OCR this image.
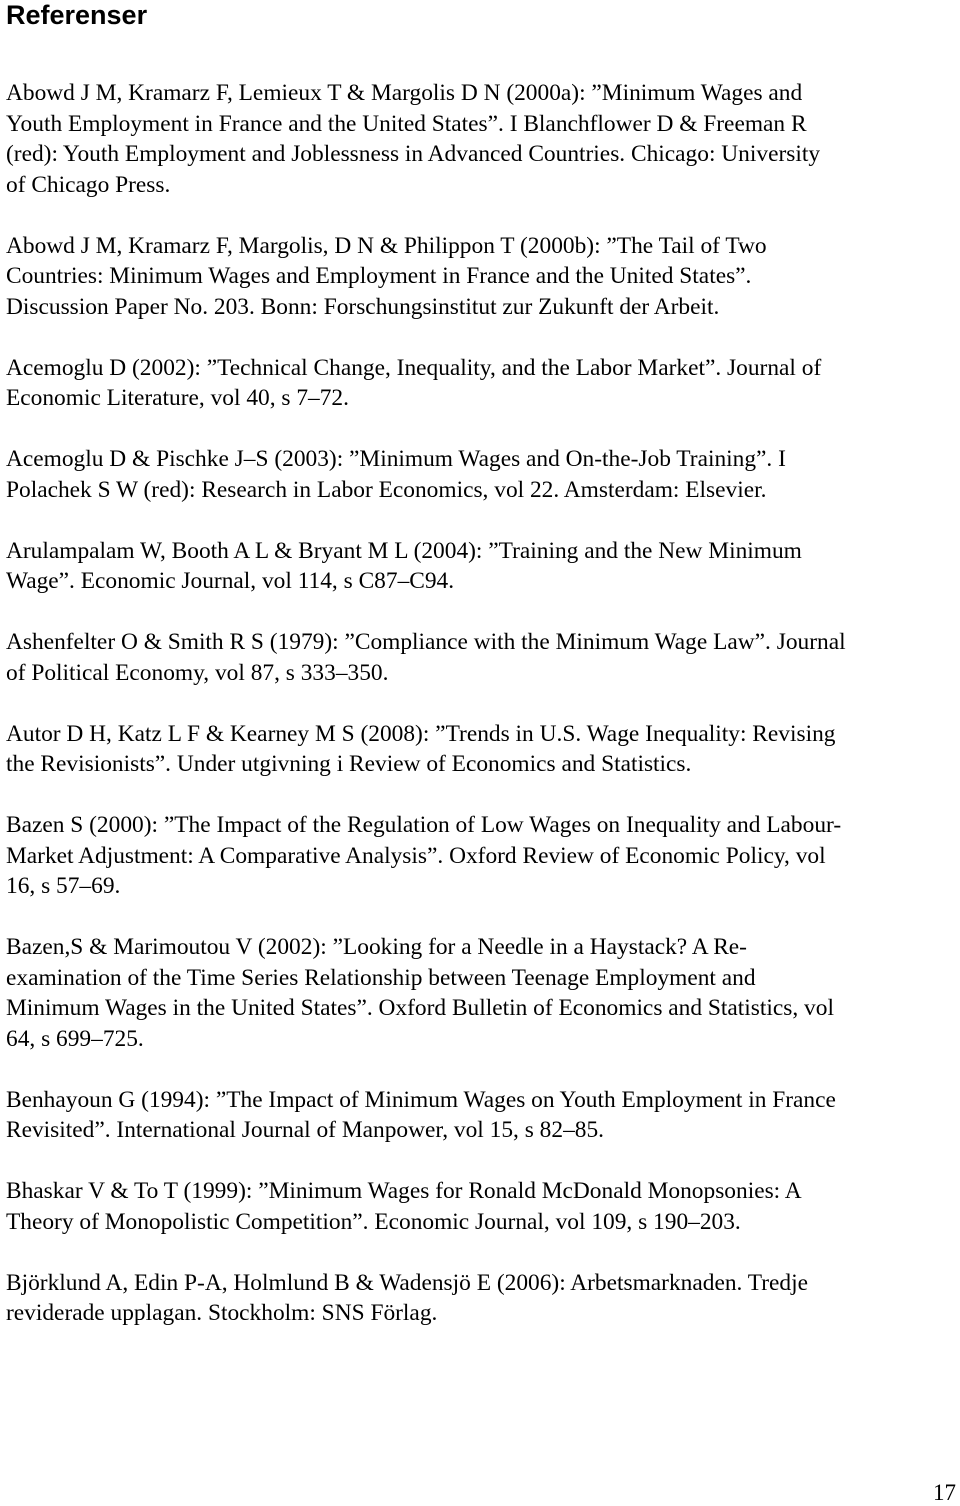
Referenser

Abowd J M, Kramarz F, Lemieux T & Margolis D N (2000a): ”Minimum Wages and
Youth Employment in France and the United States”. I Blanchflower D & Freeman R
(red): Youth Employment and Joblessness in Advanced Countries. Chicago: University
of Chicago Press.

Abowd J M, Kramarz F, Margolis, D N & Philippon T (2000b): ”The Tail of Two
Countries: Minimum Wages and Employment in France and the United States”.
Discussion Paper No. 203. Bonn: Forschungsinstitut zur Zukunft der Arbeit.

Acemoglu D (2002): ”Technical Change, Inequality, and the Labor Market”. Journal of
Economic Literature, vol 40, s 7–72.

Acemoglu D & Pischke J–S (2003): ”Minimum Wages and On-the-Job Training”. I
Polachek S W (red): Research in Labor Economics, vol 22. Amsterdam: Elsevier.

Arulampalam W, Booth A L & Bryant M L (2004): ”Training and the New Minimum
Wage”. Economic Journal, vol 114, s C87–C94.

Ashenfelter O & Smith R S (1979): ”Compliance with the Minimum Wage Law”. Journal
of Political Economy, vol 87, s 333–350.

Autor D H, Katz L F & Kearney M S (2008): ”Trends in U.S. Wage Inequality: Revising
the Revisionists”. Under utgivning i Review of Economics and Statistics.

Bazen S (2000): ”The Impact of the Regulation of Low Wages on Inequality and Labour-
Market Adjustment: A Comparative Analysis”. Oxford Review of Economic Policy, vol
16, s 57–69.

Bazen,S & Marimoutou V (2002): ”Looking for a Needle in a Haystack? A Re-
examination of the Time Series Relationship between Teenage Employment and
Minimum Wages in the United States”. Oxford Bulletin of Economics and Statistics, vol
64, s 699–725.

Benhayoun G (1994): ”The Impact of Minimum Wages on Youth Employment in France
Revisited”. International Journal of Manpower, vol 15, s 82–85.

Bhaskar V & To T (1999): ”Minimum Wages for Ronald McDonald Monopsonies: A
Theory of Monopolistic Competition”. Economic Journal, vol 109, s 190–203.

Björklund A, Edin P-A, Holmlund B & Wadensjö E (2006): Arbetsmarknaden. Tredje
reviderade upplagan. Stockholm: SNS Förlag.

17
